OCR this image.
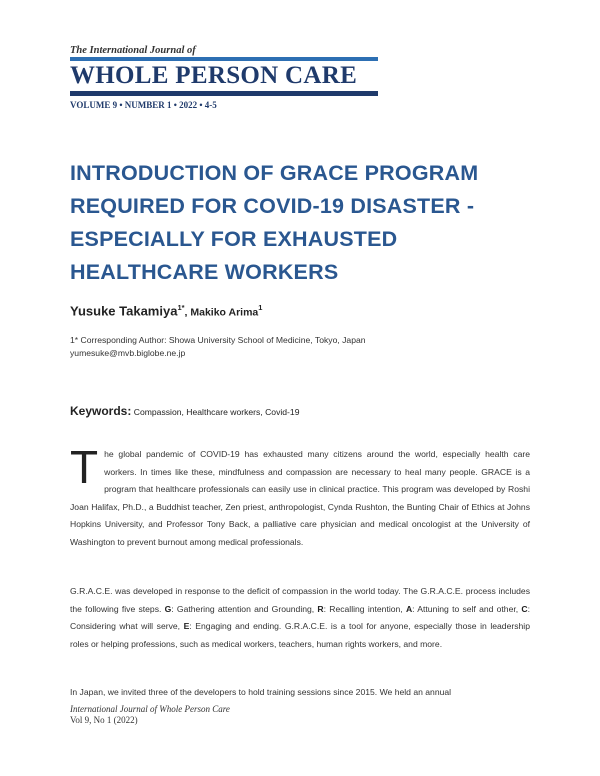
The International Journal of
WHOLE PERSON CARE
VOLUME 9 • NUMBER 1 • 2022 • 4-5
INTRODUCTION OF GRACE PROGRAM
REQUIRED FOR COVID-19 DISASTER -
ESPECIALLY FOR EXHAUSTED
HEALTHCARE WORKERS
Yusuke Takamiya$^{1*}$, Makiko Arima$^1$
1* Corresponding Author: Showa University School of Medicine, Tokyo, Japan
yumesuke@mvb.biglobe.ne.jp
Keywords: Compassion, Healthcare workers, Covid-19
The global pandemic of COVID-19 has exhausted many citizens around the world, especially health care workers. In times like these, mindfulness and compassion are necessary to heal many people. GRACE is a program that healthcare professionals can easily use in clinical practice. This program was developed by Roshi Joan Halifax, Ph.D., a Buddhist teacher, Zen priest, anthropologist, Cynda Rushton, the Bunting Chair of Ethics at Johns Hopkins University, and Professor Tony Back, a palliative care physician and medical oncologist at the University of Washington to prevent burnout among medical professionals.
G.R.A.C.E. was developed in response to the deficit of compassion in the world today. The G.R.A.C.E. process includes the following five steps. G: Gathering attention and Grounding, R: Recalling intention, A: Attuning to self and other, C: Considering what will serve, E: Engaging and ending. G.R.A.C.E. is a tool for anyone, especially those in leadership roles or helping professions, such as medical workers, teachers, human rights workers, and more.
In Japan, we invited three of the developers to hold training sessions since 2015. We held an annual
International Journal of Whole Person Care
Vol 9, No 1 (2022)
